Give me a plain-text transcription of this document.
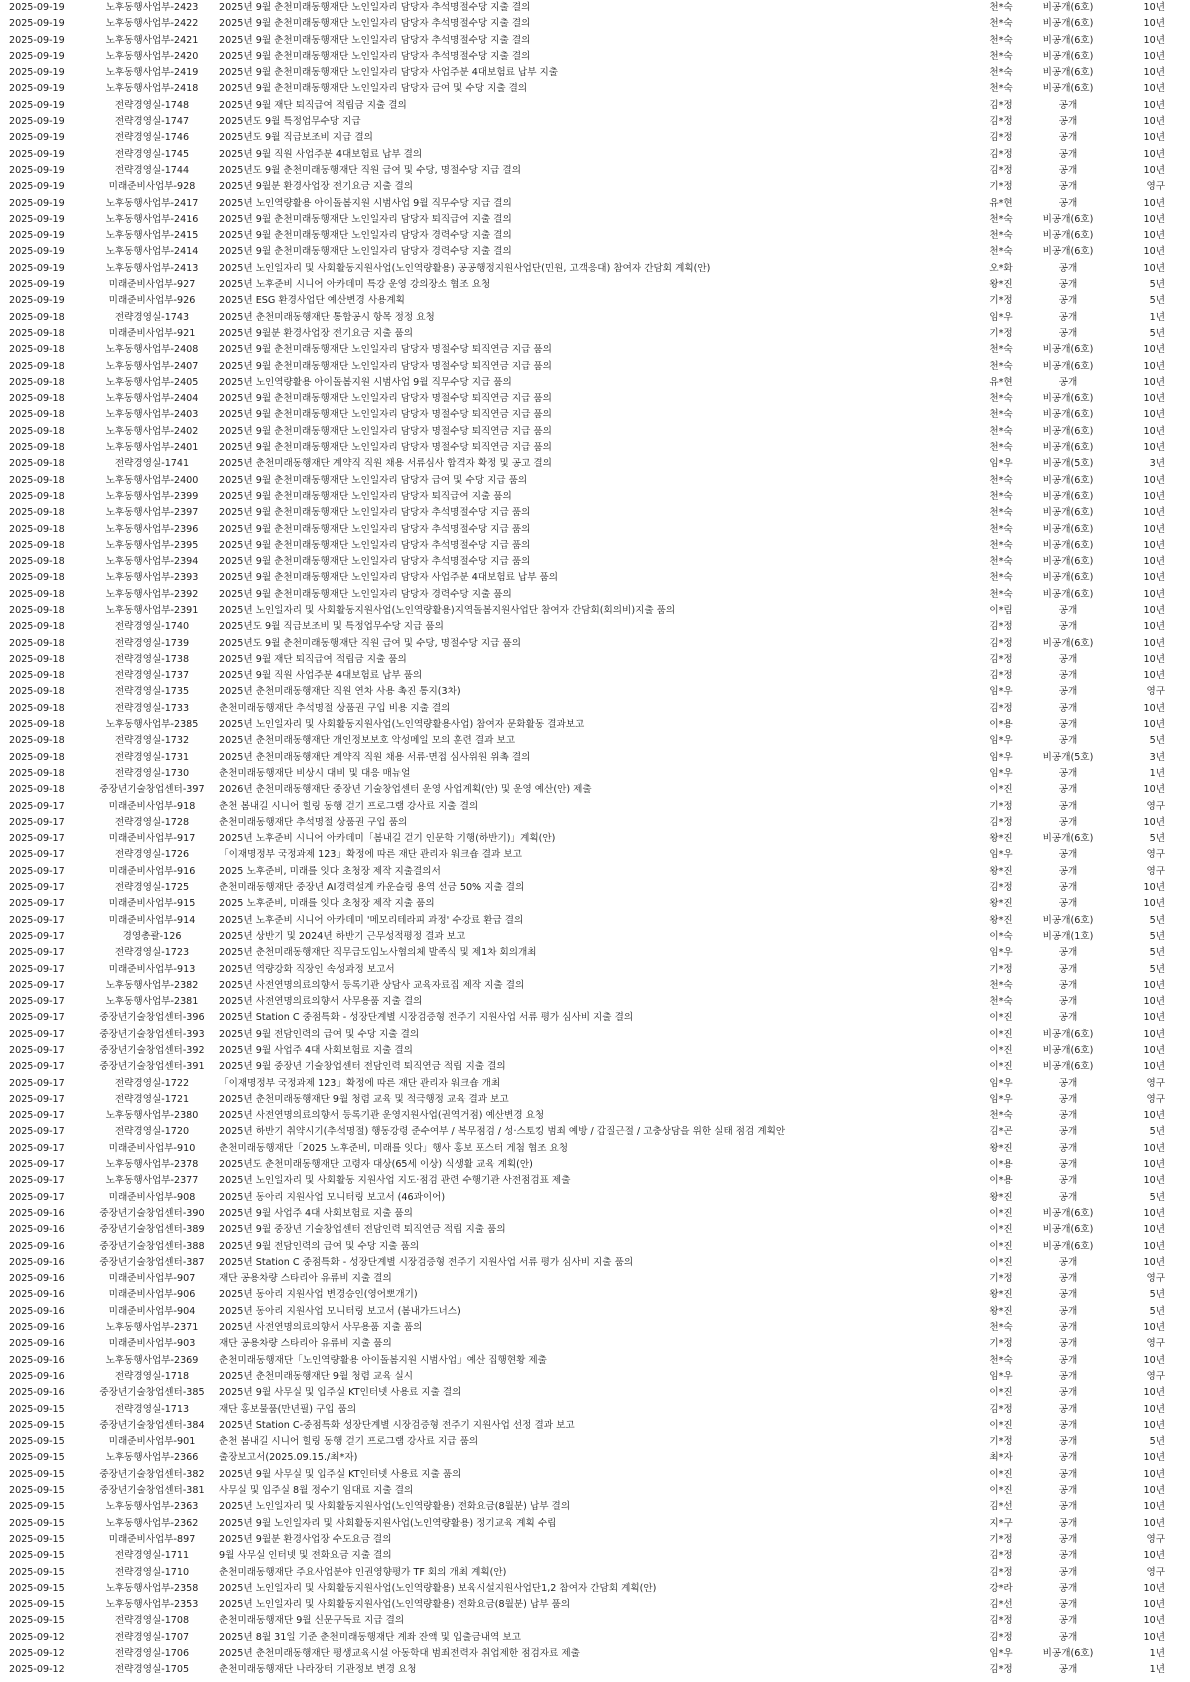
2025-09-19	노후동행사업부-2423	2025년 9월 춘천미래동행재단 노인일자리 담당자 추석명절수당 지출 결의	천*숙	비공개(6호)	10년
2025-09-19	노후동행사업부-2422	2025년 9월 춘천미래동행재단 노인일자리 담당자 추석명절수당 지출 결의	천*숙	비공개(6호)	10년
2025-09-19	노후동행사업부-2421	2025년 9월 춘천미래동행재단 노인일자리 담당자 추석명절수당 지출 결의	천*숙	비공개(6호)	10년
2025-09-19	노후동행사업부-2420	2025년 9월 춘천미래동행재단 노인일자리 담당자 추석명절수당 지출 결의	천*숙	비공개(6호)	10년
2025-09-19	노후동행사업부-2419	2025년 9월 춘천미래동행재단 노인일자리 담당자 사업주분 4대보험료 납부 지출	천*숙	비공개(6호)	10년
2025-09-19	노후동행사업부-2418	2025년 9월 춘천미래동행재단 노인일자리 담당자 급여 및 수당 지출 결의	천*숙	비공개(6호)	10년
2025-09-19	전략경영실-1748	2025년 9월 재단 퇴직급여 적립금 지출 결의	김*정	공개	10년
2025-09-19	전략경영실-1747	2025년도 9월 특정업무수당 지급	김*정	공개	10년
2025-09-19	전략경영실-1746	2025년도 9월 직급보조비 지급 결의	김*정	공개	10년
2025-09-19	전략경영실-1745	2025년 9월 직원 사업주분 4대보험료 납부 결의	김*정	공개	10년
2025-09-19	전략경영실-1744	2025년도 9월 춘천미래동행재단 직원 급여 및 수당, 명절수당 지급 결의	김*정	공개	10년
2025-09-19	미래준비사업부-928	2025년 9월분 환경사업장 전기요금 지출 결의	기*정	공개	영구
2025-09-19	노후동행사업부-2417	2025년 노인역량활용 아이돌봄지원 시범사업 9월 직무수당 지급 결의	유*현	공개	10년
2025-09-19	노후동행사업부-2416	2025년 9월 춘천미래동행재단 노인일자리 담당자 퇴직급여 지출 결의	천*숙	비공개(6호)	10년
2025-09-19	노후동행사업부-2415	2025년 9월 춘천미래동행재단 노인일자리 담당자 경력수당 지출 결의	천*숙	비공개(6호)	10년
2025-09-19	노후동행사업부-2414	2025년 9월 춘천미래동행재단 노인일자리 담당자 경력수당 지출 결의	천*숙	비공개(6호)	10년
2025-09-19	노후동행사업부-2413	2025년 노인일자리 및 사회활동지원사업(노인역량활용) 공공행정지원사업단(민원, 고객응대) 참여자 간담회 계획(안)	오*화	공개	10년
2025-09-19	미래준비사업부-927	2025년 노후준비 시니어 아카데미 특강 운영 강의장소 협조 요청	왕*진	공개	5년
2025-09-19	미래준비사업부-926	2025년 ESG 환경사업단 예산변경 사용계획	기*정	공개	5년
2025-09-18	전략경영실-1743	2025년 춘천미래동행재단 통합공시 항목 정정 요청	임*우	공개	1년
2025-09-18	미래준비사업부-921	2025년 9월분 환경사업장 전기요금 지출 품의	기*정	공개	5년
2025-09-18	노후동행사업부-2408	2025년 9월 춘천미래동행재단 노인일자리 담당자 명절수당 퇴직연금 지급 품의	천*숙	비공개(6호)	10년
2025-09-18	노후동행사업부-2407	2025년 9월 춘천미래동행재단 노인일자리 담당자 명절수당 퇴직연금 지급 품의	천*숙	비공개(6호)	10년
2025-09-18	노후동행사업부-2405	2025년 노인역량활용 아이돌봄지원 시범사업 9월 직무수당 지급 품의	유*현	공개	10년
2025-09-18	노후동행사업부-2404	2025년 9월 춘천미래동행재단 노인일자리 담당자 명절수당 퇴직연금 지급 품의	천*숙	비공개(6호)	10년
2025-09-18	노후동행사업부-2403	2025년 9월 춘천미래동행재단 노인일자리 담당자 명절수당 퇴직연금 지급 품의	천*숙	비공개(6호)	10년
2025-09-18	노후동행사업부-2402	2025년 9월 춘천미래동행재단 노인일자리 담당자 명절수당 퇴직연금 지급 품의	천*숙	비공개(6호)	10년
2025-09-18	노후동행사업부-2401	2025년 9월 춘천미래동행재단 노인일자리 담당자 명절수당 퇴직연금 지급 품의	천*숙	비공개(6호)	10년
2025-09-18	전략경영실-1741	2025년 춘천미래동행재단 계약직 직원 채용 서류심사 합격자 확정 및 공고 결의	임*우	비공개(5호)	3년
2025-09-18	노후동행사업부-2400	2025년 9월 춘천미래동행재단 노인일자리 담당자 급여 및 수당 지급 품의	천*숙	비공개(6호)	10년
2025-09-18	노후동행사업부-2399	2025년 9월 춘천미래동행재단 노인일자리 담당자 퇴직급여 지출 품의	천*숙	비공개(6호)	10년
2025-09-18	노후동행사업부-2397	2025년 9월 춘천미래동행재단 노인일자리 담당자 추석명절수당 지급 품의	천*숙	비공개(6호)	10년
2025-09-18	노후동행사업부-2396	2025년 9월 춘천미래동행재단 노인일자리 담당자 추석명절수당 지급 품의	천*숙	비공개(6호)	10년
2025-09-18	노후동행사업부-2395	2025년 9월 춘천미래동행재단 노인일자리 담당자 추석명절수당 지급 품의	천*숙	비공개(6호)	10년
2025-09-18	노후동행사업부-2394	2025년 9월 춘천미래동행재단 노인일자리 담당자 추석명절수당 지급 품의	천*숙	비공개(6호)	10년
2025-09-18	노후동행사업부-2393	2025년 9월 춘천미래동행재단 노인일자리 담당자 사업주분 4대보험료 납부 품의	천*숙	비공개(6호)	10년
2025-09-18	노후동행사업부-2392	2025년 9월 춘천미래동행재단 노인일자리 담당자 경력수당 지출 품의	천*숙	비공개(6호)	10년
2025-09-18	노후동행사업부-2391	2025년 노인일자리 및 사회활동지원사업(노인역량활용)지역돌봄지원사업단 참여자 간담회(회의비)지출 품의	이*림	공개	10년
2025-09-18	전략경영실-1740	2025년도 9월 직급보조비 및 특정업무수당 지급 품의	김*정	공개	10년
2025-09-18	전략경영실-1739	2025년도 9월 춘천미래동행재단 직원 급여 및 수당, 명절수당 지급 품의	김*정	비공개(6호)	10년
2025-09-18	전략경영실-1738	2025년 9월 재단 퇴직급여 적립금 지출 품의	김*정	공개	10년
2025-09-18	전략경영실-1737	2025년 9월 직원 사업주분 4대보험료 납부 품의	김*정	공개	10년
2025-09-18	전략경영실-1735	2025년 춘천미래동행재단 직원 연차 사용 촉진 통지(3차)	임*우	공개	영구
2025-09-18	전략경영실-1733	춘천미래동행재단 추석명절 상품권 구입 비용 지출 결의	김*정	공개	10년
2025-09-18	노후동행사업부-2385	2025년 노인일자리 및 사회활동지원사업(노인역량활용사업) 참여자 문화활동 결과보고	이*용	공개	10년
2025-09-18	전략경영실-1732	2025년 춘천미래동행재단 개인정보보호 악성메일 모의 훈련 결과 보고	임*우	공개	5년
2025-09-18	전략경영실-1731	2025년 춘천미래동행재단 계약직 직원 채용 서류·면접 심사위원 위촉 결의	임*우	비공개(5호)	3년
2025-09-18	전략경영실-1730	춘천미래동행재단 비상시 대비 및 대응 매뉴얼	임*우	공개	1년
2025-09-18	중장년기술창업센터-397	2026년 춘천미래동행재단 중장년 기술창업센터 운영 사업계획(안) 및 운영 예산(안) 제출	이*진	공개	10년
2025-09-17	미래준비사업부-918	춘천 봄내길 시니어 힐링 동행 걷기 프로그램 강사료 지출 결의	기*정	공개	영구
2025-09-17	전략경영실-1728	춘천미래동행재단 추석명절 상품권 구입 품의	김*정	공개	10년
2025-09-17	미래준비사업부-917	2025년 노후준비 시니어 아카데미「봄내길 걷기 인문학 기행(하반기)」계획(안)	왕*진	비공개(6호)	5년
2025-09-17	전략경영실-1726	「이재명정부 국정과제 123」확정에 따른 재단 관리자 워크숍 결과 보고	임*우	공개	영구
2025-09-17	미래준비사업부-916	2025 노후준비, 미래를 잇다 초청장 제작 지출결의서	왕*진	공개	영구
2025-09-17	전략경영실-1725	춘천미래동행재단 중장년 AI경력설계 카운슬링 용역 선금 50% 지출 결의	김*정	공개	10년
2025-09-17	미래준비사업부-915	2025 노후준비, 미래를 잇다 초청장 제작 지출 품의	왕*진	공개	10년
2025-09-17	미래준비사업부-914	2025년 노후준비 시니어 아카데미 '메모리테라피 과정' 수강료 환급 결의	왕*진	비공개(6호)	5년
2025-09-17	경영총괄-126	2025년 상반기 및 2024년 하반기 근무성적평정 결과 보고	이*숙	비공개(1호)	5년
2025-09-17	전략경영실-1723	2025년 춘천미래동행재단 직무급도입노사협의체 발족식 및 제1차 회의개최	임*우	공개	5년
2025-09-17	미래준비사업부-913	2025년 역량강화 직장인 속성과정 보고서	기*정	공개	5년
2025-09-17	노후동행사업부-2382	2025년 사전연명의료의향서 등록기관 상담사 교육자료집 제작 지출 결의	천*숙	공개	10년
2025-09-17	노후동행사업부-2381	2025년 사전연명의료의향서 사무용품 지출 결의	천*숙	공개	10년
2025-09-17	중장년기술창업센터-396	2025년 Station C 중점특화 - 성장단계별 시장검증형 전주기 지원사업 서류 평가 심사비 지출 결의	이*진	공개	10년
2025-09-17	중장년기술창업센터-393	2025년 9월 전담인력의 급여 및 수당 지출 결의	이*진	비공개(6호)	10년
2025-09-17	중장년기술창업센터-392	2025년 9월 사업주 4대 사회보험료 지출 결의	이*진	비공개(6호)	10년
2025-09-17	중장년기술창업센터-391	2025년 9월 중장년 기술창업센터 전담인력 퇴직연금 적립 지출 결의	이*진	비공개(6호)	10년
2025-09-17	전략경영실-1722	「이재명정부 국정과제 123」확정에 따른 재단 관리자 워크숍 개최	임*우	공개	영구
2025-09-17	전략경영실-1721	2025년 춘천미래동행재단 9월 청렴 교육 및 적극행정 교육 결과 보고	임*우	공개	영구
2025-09-17	노후동행사업부-2380	2025년 사전연명의료의향서 등록기관 운영지원사업(권역거점) 예산변경 요청	천*숙	공개	10년
2025-09-17	전략경영실-1720	2025년 하반기 취약시기(추석명절) 행동강령 준수여부 / 복무점검 / 성·스토킹 범죄 예방 / 갑질근절 / 고충상담을 위한 실태 점검 계획안	김*곤	공개	5년
2025-09-17	미래준비사업부-910	춘천미래동행재단「2025 노후준비, 미래를 잇다」행사 홍보 포스터 게첨 협조 요청	왕*진	공개	10년
2025-09-17	노후동행사업부-2378	2025년도 춘천미래동행재단 고령자 대상(65세 이상) 식생활 교육 계획(안)	이*용	공개	10년
2025-09-17	노후동행사업부-2377	2025년 노인일자리 및 사회활동 지원사업 지도·점검 관련 수행기관 사전점검표 제출	이*용	공개	10년
2025-09-17	미래준비사업부-908	2025년 동아리 지원사업 모니터링 보고서 (46과이어)	왕*진	공개	5년
2025-09-16	중장년기술창업센터-390	2025년 9월 사업주 4대 사회보험료 지출 품의	이*진	비공개(6호)	10년
2025-09-16	중장년기술창업센터-389	2025년 9월 중장년 기술창업센터 전담인력 퇴직연금 적립 지출 품의	이*진	비공개(6호)	10년
2025-09-16	중장년기술창업센터-388	2025년 9월 전담인력의 급여 및 수당 지출 품의	이*진	비공개(6호)	10년
2025-09-16	중장년기술창업센터-387	2025년 Station C 중점특화 - 성장단계별 시장검증형 전주기 지원사업 서류 평가 심사비 지출 품의	이*진	공개	10년
2025-09-16	미래준비사업부-907	재단 공용차량 스타리아 유류비 지출 결의	기*정	공개	영구
2025-09-16	미래준비사업부-906	2025년 동아리 지원사업 변경승인(영어뽀개기)	왕*진	공개	5년
2025-09-16	미래준비사업부-904	2025년 동아리 지원사업 모니터링 보고서 (봄내가드너스)	왕*진	공개	5년
2025-09-16	노후동행사업부-2371	2025년 사전연명의료의향서 사무용품 지출 품의	천*숙	공개	10년
2025-09-16	미래준비사업부-903	재단 공용차량 스타리아 유류비 지출 품의	기*정	공개	영구
2025-09-16	노후동행사업부-2369	춘천미래동행재단「노인역량활용 아이돌봄지원 시범사업」예산 집행현황 제출	천*숙	공개	10년
2025-09-16	전략경영실-1718	2025년 춘천미래동행재단 9월 청렴 교육 실시	임*우	공개	영구
2025-09-16	중장년기술창업센터-385	2025년 9월 사무실 및 입주실 KT인터넷 사용료 지출 결의	이*진	공개	10년
2025-09-15	전략경영실-1713	재단 홍보물품(만년필) 구입 품의	김*정	공개	10년
2025-09-15	중장년기술창업센터-384	2025년 Station C-중점특화 성장단계별 시장검증형 전주기 지원사업 선정 결과 보고	이*진	공개	10년
2025-09-15	미래준비사업부-901	춘천 봄내길 시니어 힐링 동행 걷기 프로그램 강사료 지급 품의	기*정	공개	5년
2025-09-15	노후동행사업부-2366	출장보고서(2025.09.15./최*자)	최*자	공개	10년
2025-09-15	중장년기술창업센터-382	2025년 9월 사무실 및 입주실 KT인터넷 사용료 지출 품의	이*진	공개	10년
2025-09-15	중장년기술창업센터-381	사무실 및 입주실 8월 정수기 임대료 지출 결의	이*진	공개	10년
2025-09-15	노후동행사업부-2363	2025년 노인일자리 및 사회활동지원사업(노인역량활용) 전화요금(8월분) 납부 결의	김*선	공개	10년
2025-09-15	노후동행사업부-2362	2025년 9월 노인일자리 및 사회활동지원사업(노인역량활용) 정기교육 계획 수립	지*구	공개	10년
2025-09-15	미래준비사업부-897	2025년 9월분 환경사업장 수도요금 결의	기*정	공개	영구
2025-09-15	전략경영실-1711	9월 사무실 인터넷 및 전화요금 지출 결의	김*정	공개	10년
2025-09-15	전략경영실-1710	춘천미래동행재단 주요사업분야 인권영향평가 TF 회의 개최 계획(안)	김*정	공개	영구
2025-09-15	노후동행사업부-2358	2025년 노인일자리 및 사회활동지원사업(노인역량활용) 보육시설지원사업단1,2 참여자 간담회 계획(안)	강*라	공개	10년
2025-09-15	노후동행사업부-2353	2025년 노인일자리 및 사회활동지원사업(노인역량활용) 전화요금(8월분) 납부 품의	김*선	공개	10년
2025-09-15	전략경영실-1708	춘천미래동행재단 9월 신문구독료 지급 결의	김*정	공개	10년
2025-09-12	전략경영실-1707	2025년 8월 31일 기준 춘천미래동행재단 계좌 잔액 및 입출금내역 보고	김*정	공개	10년
2025-09-12	전략경영실-1706	2025년 춘천미래동행재단 평생교육시설 아동학대 범죄전력자 취업제한 점검자료 제출	임*우	비공개(6호)	1년
2025-09-12	전략경영실-1705	춘천미래동행재단 나라장터 기관정보 변경 요청	김*정	공개	1년
